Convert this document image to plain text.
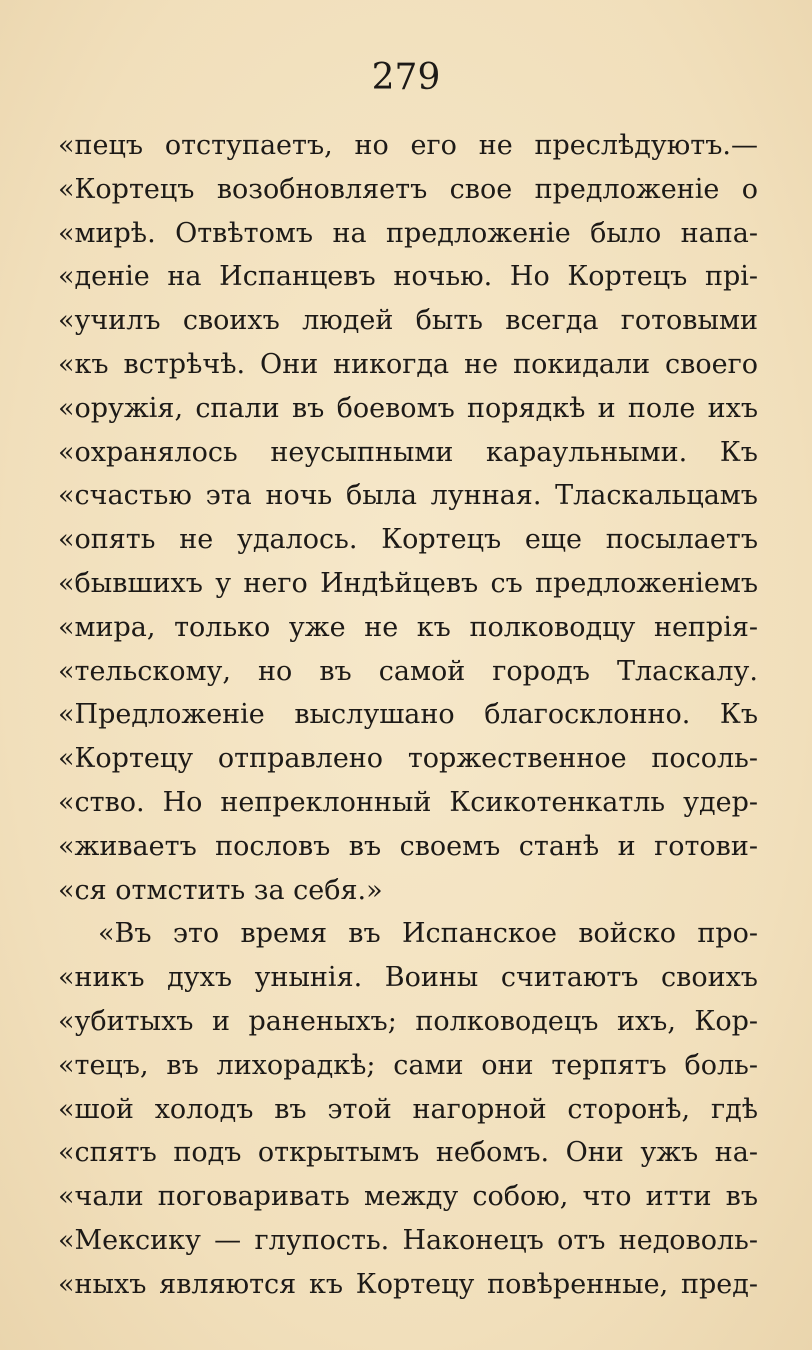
279
«пецъ отступаетъ, но его не преслѣдуютъ.—
«Кортецъ возобновляетъ свое предложеніе о
«мирѣ. Отвѣтомъ на предложеніе было напа-
«деніе на Испанцевъ ночью. Но Кортецъ прі-
«училъ своихъ людей быть всегда готовыми
«къ встрѣчѣ. Они никогда не покидали своего
«оружія, спали въ боевомъ порядкѣ и поле ихъ
«охранялось неусыпными караульными. Къ
«счастью эта ночь была лунная. Тласкальцамъ
«опять не удалось. Кортецъ еще посылаетъ
«бывшихъ у него Индѣйцевъ съ предложеніемъ
«мира, только уже не къ полководцу непрія-
«тельскому, но въ самой городъ Тласкалу.
«Предложеніе выслушано благосклонно. Къ
«Кортецу отправлено торжественное посоль-
«ство. Но непреклонный Ксикотенкатль удер-
«живаетъ пословъ въ своемъ станѣ и готови-
«ся отмстить за себя.»
«Въ это время въ Испанское войско про-
«никъ духъ унынія. Воины считаютъ своихъ
«убитыхъ и раненыхъ; полководецъ ихъ, Кор-
«тецъ, въ лихорадкѣ; сами они терпятъ боль-
«шой холодъ въ этой нагорной сторонѣ, гдѣ
«спятъ подъ открытымъ небомъ. Они ужъ на-
«чали поговаривать между собою, что итти въ
«Мексику — глупость. Наконецъ отъ недоволь-
«ныхъ являются къ Кортецу повѣренные, пред-
